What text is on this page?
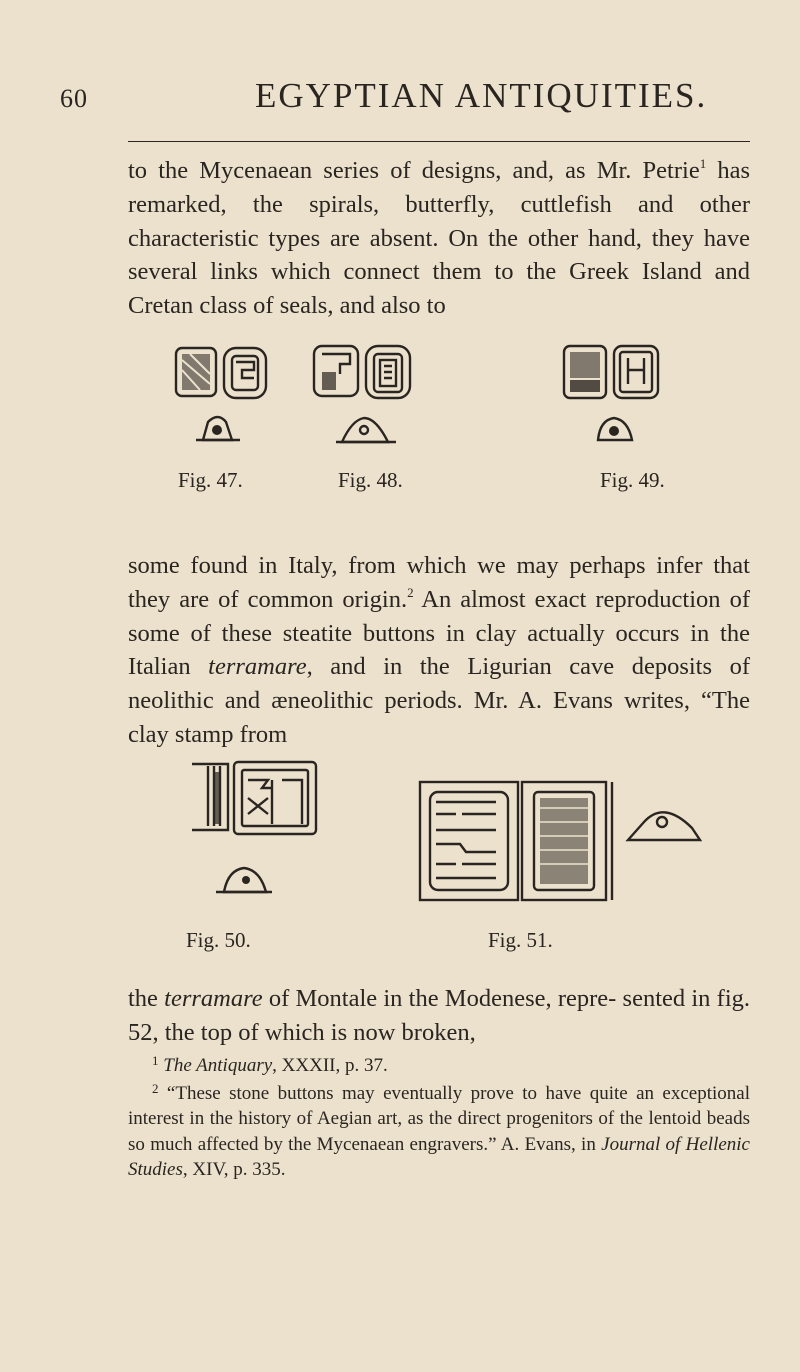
60	EGYPTIAN ANTIQUITIES.

to the Mycenaean series of designs, and, as Mr. Petrie$^1$ has remarked, the spirals, butterfly, cuttlefish and other characteristic types are absent. On the other hand, they have several links which connect them to the Greek Island and Cretan class of seals, and also to

Fig. 47.	Fig. 48.	Fig. 49.

some found in Italy, from which we may perhaps infer that they are of common origin.$^2$ An almost exact reproduction of some of these steatite buttons in clay actually occurs in the Italian terramare, and in the Ligurian cave deposits of neolithic and æneolithic periods. Mr. A. Evans writes, “The clay stamp from

Fig. 50.	Fig. 51.

the terramare of Montale in the Modenese, repre- sented in fig. 52, the top of which is now broken,

$^1$ The Antiquary, XXXII, p. 37.

$^2$ “These stone buttons may eventually prove to have quite an exceptional interest in the history of Aegian art, as the direct progenitors of the lentoid beads so much affected by the Mycenaean engravers.” A. Evans, in Journal of Hellenic Studies, XIV, p. 335.
